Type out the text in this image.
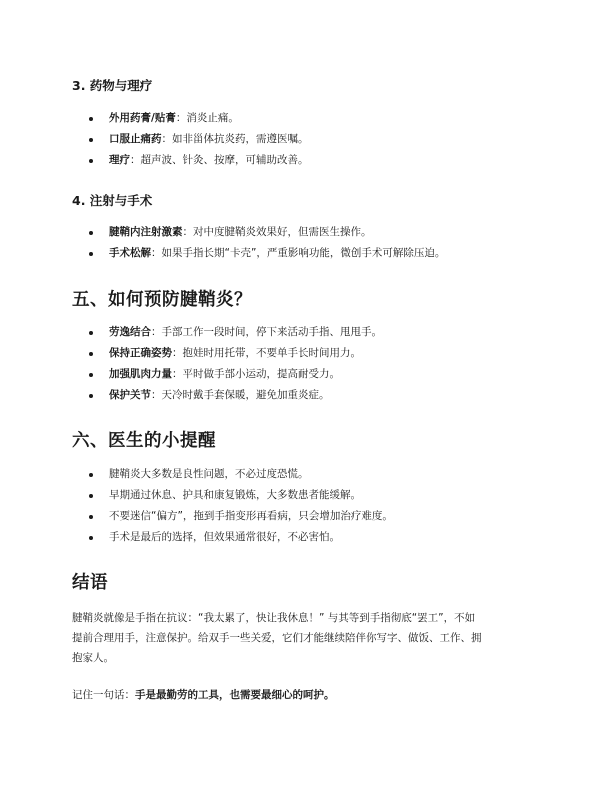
3. 药物与理疗
外用药膏/贴膏：消炎止痛。
口服止痛药：如非甾体抗炎药，需遵医嘱。
理疗：超声波、针灸、按摩，可辅助改善。
4. 注射与手术
腱鞘内注射激素：对中度腱鞘炎效果好，但需医生操作。
手术松解：如果手指长期“卡壳”，严重影响功能，微创手术可解除压迫。
五、如何预防腱鞘炎？
劳逸结合：手部工作一段时间，停下来活动手指、甩甩手。
保持正确姿势：抱娃时用托带，不要单手长时间用力。
加强肌肉力量：平时做手部小运动，提高耐受力。
保护关节：天冷时戴手套保暖，避免加重炎症。
六、医生的小提醒
腱鞘炎大多数是良性问题，不必过度恐慌。
早期通过休息、护具和康复锻炼，大多数患者能缓解。
不要迷信“偏方”，拖到手指变形再看病，只会增加治疗难度。
手术是最后的选择，但效果通常很好，不必害怕。
结语
腱鞘炎就像是手指在抗议：“我太累了，快让我休息！” 与其等到手指彻底“罢工”，不如
提前合理用手，注意保护。给双手一些关爱，它们才能继续陪伴你写字、做饭、工作、拥
抱家人。
记住一句话：手是最勤劳的工具，也需要最细心的呵护。
